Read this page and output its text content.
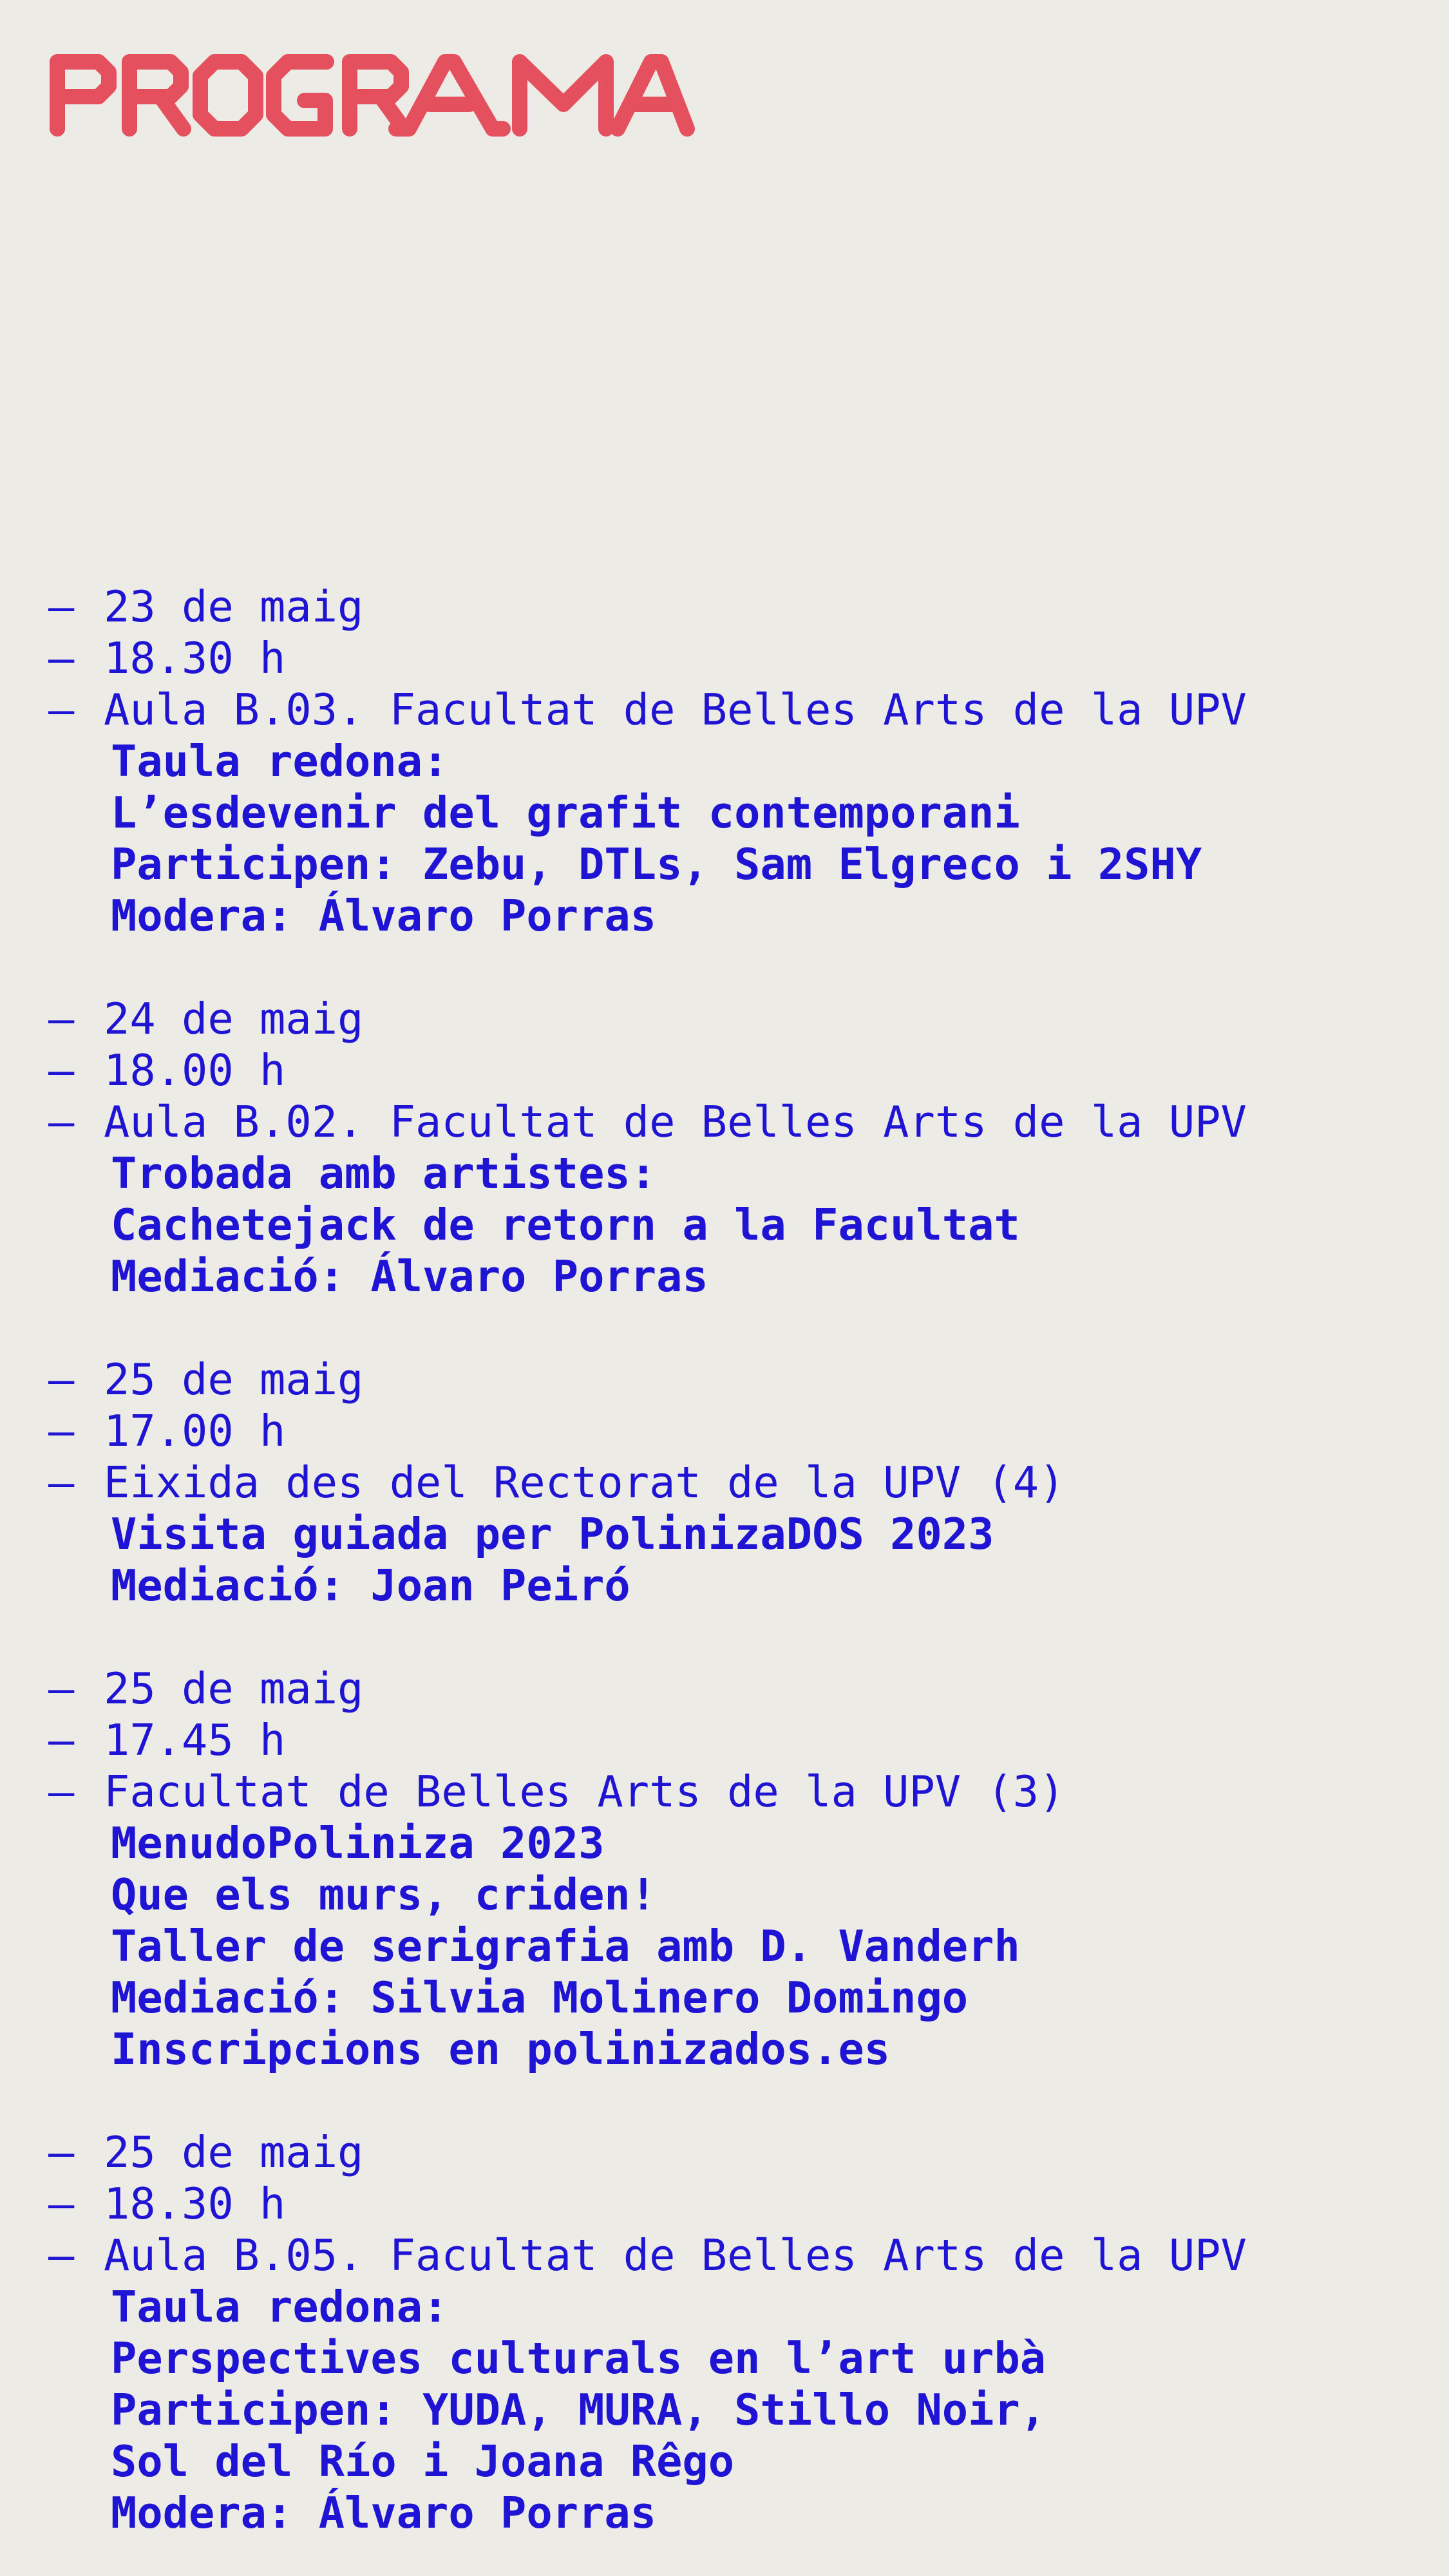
— 23 de maig
— 18.30 h
— Aula B.03. Facultat de Belles Arts de la UPV
Taula redona:
L’esdevenir del grafit contemporani
Participen: Zebu, DTLs, Sam Elgreco i 2SHY
Modera: Álvaro Porras
— 24 de maig
— 18.00 h
— Aula B.02. Facultat de Belles Arts de la UPV
Trobada amb artistes:
Cachetejack de retorn a la Facultat
Mediació: Álvaro Porras
— 25 de maig
— 17.00 h
— Eixida des del Rectorat de la UPV (4)
Visita guiada per PolinizaDOS 2023
Mediació: Joan Peiró
— 25 de maig
— 17.45 h
— Facultat de Belles Arts de la UPV (3)
MenudoPoliniza 2023
Que els murs, criden!
Taller de serigrafia amb D. Vanderh
Mediació: Silvia Molinero Domingo
Inscripcions en polinizados.es
— 25 de maig
— 18.30 h
— Aula B.05. Facultat de Belles Arts de la UPV
Taula redona:
Perspectives culturals en l’art urbà
Participen: YUDA, MURA, Stillo Noir,
Sol del Río i Joana Rêgo
Modera: Álvaro Porras
